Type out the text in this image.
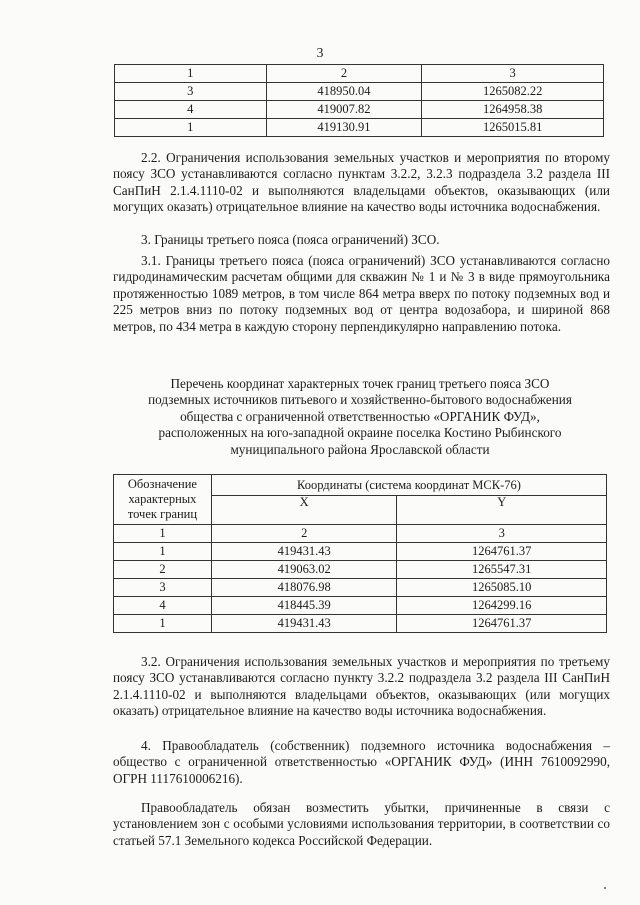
3
1	2	3
3	418950.04	1265082.22
4	419007.82	1264958.38
1	419130.91	1265015.81

2.2. Ограничения использования земельных участков и мероприятия по второму поясу ЗСО устанавливаются согласно пунктам 3.2.2, 3.2.3 подраздела 3.2 раздела III СанПиН 2.1.4.1110-02 и выполняются владельцами объектов, оказывающих (или могущих оказать) отрицательное влияние на качество воды источника водоснабжения.

3. Границы третьего пояса (пояса ограничений) ЗСО.

3.1. Границы третьего пояса (пояса ограничений) ЗСО устанавливаются согласно гидродинамическим расчетам общими для скважин № 1 и № 3 в виде прямоугольника протяженностью 1089 метров, в том числе 864 метра вверх по потоку подземных вод и 225 метров вниз по потоку подземных вод от центра водозабора, и шириной 868 метров, по 434 метра в каждую сторону перпендикулярно направлению потока.

Перечень координат характерных точек границ третьего пояса ЗСО
подземных источников питьевого и хозяйственно-бытового водоснабжения
общества с ограниченной ответственностью «ОРГАНИК ФУД»,
расположенных на юго-западной окраине поселка Костино Рыбинского
муниципального района Ярославской области

Обозначение
характерных
точек границ	Координаты (система координат МСК-76)	
	X	Y
1	2	3
1	419431.43	1264761.37
2	419063.02	1265547.31
3	418076.98	1265085.10
4	418445.39	1264299.16
1	419431.43	1264761.37

3.2. Ограничения использования земельных участков и мероприятия по третьему поясу ЗСО устанавливаются согласно пункту 3.2.2 подраздела 3.2 раздела III СанПиН 2.1.4.1110-02 и выполняются владельцами объектов, оказывающих (или могущих оказать) отрицательное влияние на качество воды источника водоснабжения.

4. Правообладатель (собственник) подземного источника водоснабжения – общество с ограниченной ответственностью «ОРГАНИК ФУД» (ИНН 7610092990, ОГРН 1117610006216).

Правообладатель обязан возместить убытки, причиненные в связи с установлением зон с особыми условиями использования территории, в соответствии со статьей 57.1 Земельного кодекса Российской Федерации.
